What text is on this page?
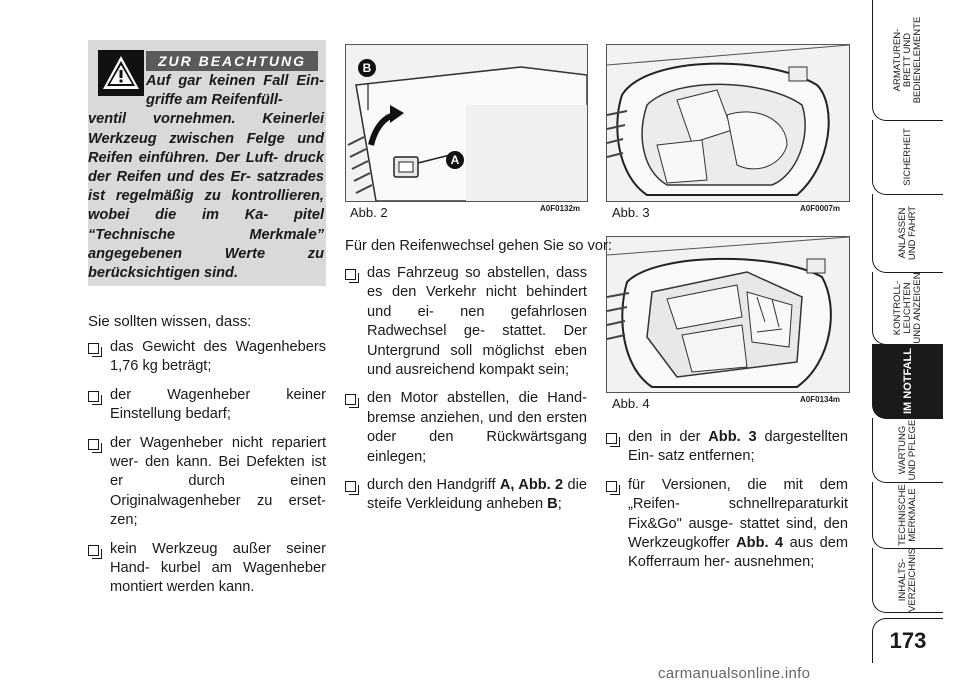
ZUR BEACHTUNG
Auf gar keinen Fall Ein- griffe am Reifenfüll-
ventil vornehmen. Keinerlei Werkzeug zwischen Felge und Reifen einführen. Der Luft- druck der Reifen und des Er- satzrades ist regelmäßig zu kontrollieren, wobei die im Ka- pitel “Technische Merkmale” angegebenen Werte zu berücksichtigen sind.
Sie sollten wissen, dass:
das Gewicht des Wagenhebers 1,76 kg beträgt;
der Wagenheber keiner Einstellung bedarf;
der Wagenheber nicht repariert wer- den kann. Bei Defekten ist er durch einen Originalwagenheber zu erset- zen;
kein Werkzeug außer seiner Hand- kurbel am Wagenheber montiert werden kann.
B
A
Abb. 2	A0F0132m Abb. 3	A0F0007m
Abb. 4	A0F0134m
Für den Reifenwechsel gehen Sie so vor:
das Fahrzeug so abstellen, dass es den Verkehr nicht behindert und ei- nen gefahrlosen Radwechsel ge- stattet. Der Untergrund soll möglichst eben und ausreichend kompakt sein;
den Motor abstellen, die Hand- bremse anziehen, und den ersten oder den Rückwärtsgang einlegen;
durch den Handgriff A, Abb. 2 die steife Verkleidung anheben B;
den in der Abb. 3 dargestellten Ein- satz entfernen;
für Versionen, die mit dem „Reifen- schnellreparaturkit Fix&Go" ausge- stattet sind, den Werkzeugkoffer Abb. 4 aus dem Kofferraum her- ausnehmen;
ARMATUREN-
BRETT UND
BEDIENELEMENTE
SICHERHEIT
ANLASSEN
UND FAHRT
KONTROLL-
LEUCHTEN
UND ANZEIGEN
IM NOTFALL
WARTUNG
UND PFLEGE
TECHNISCHE
MERKMALE
INHALTS-
VERZEICHNIS
173
carmanualsonline.info
